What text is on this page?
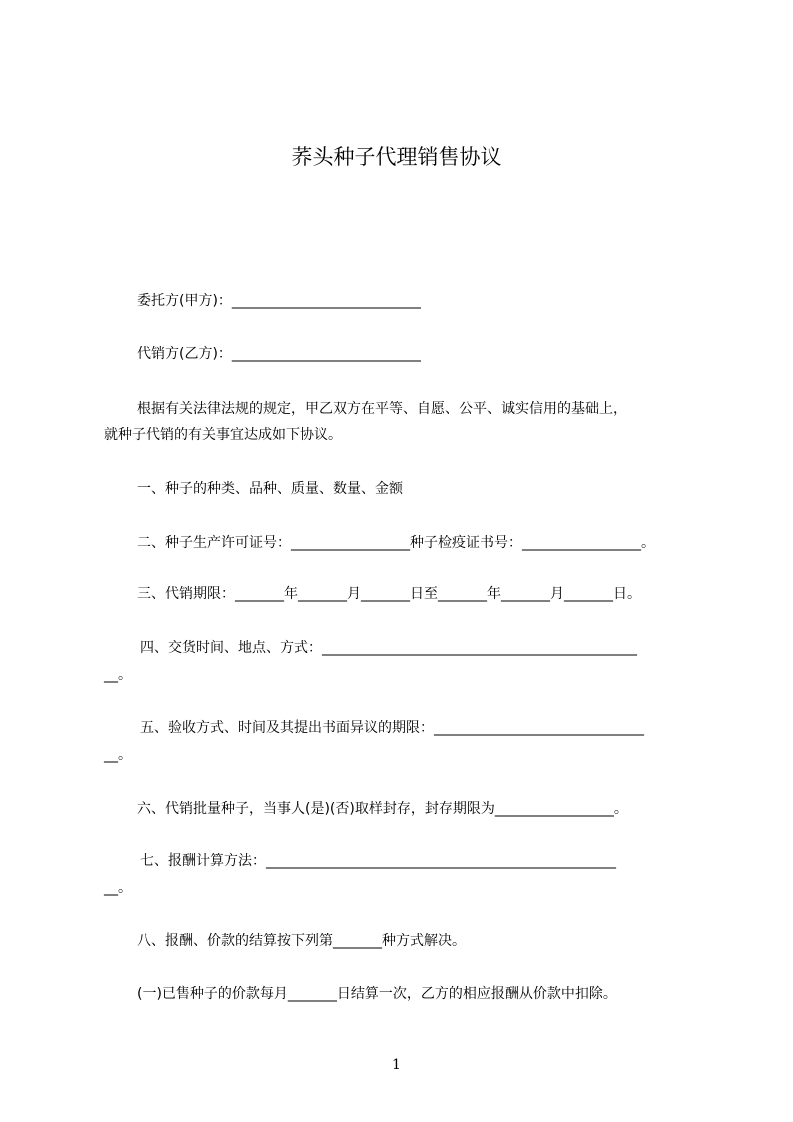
荞头种子代理销售协议
委托方(甲方)：___________________________
代销方(乙方)：___________________________
根据有关法律法规的规定，甲乙双方在平等、自愿、公平、诚实信用的基础上，
就种子代销的有关事宜达成如下协议。
一、种子的种类、品种、质量、数量、金额
二、种子生产许可证号：_________________种子检疫证书号：_________________。
三、代销期限：_______年_______月_______日至_______年_______月_______日。
四、交货时间、地点、方式：_____________________________________________
__。
五、验收方式、时间及其提出书面异议的期限：______________________________
__。
六、代销批量种子，当事人(是)(否)取样封存，封存期限为_________________。
七、报酬计算方法：__________________________________________________
__。
八、报酬、价款的结算按下列第_______种方式解决。
(一)已售种子的价款每月_______日结算一次，乙方的相应报酬从价款中扣除。
1
